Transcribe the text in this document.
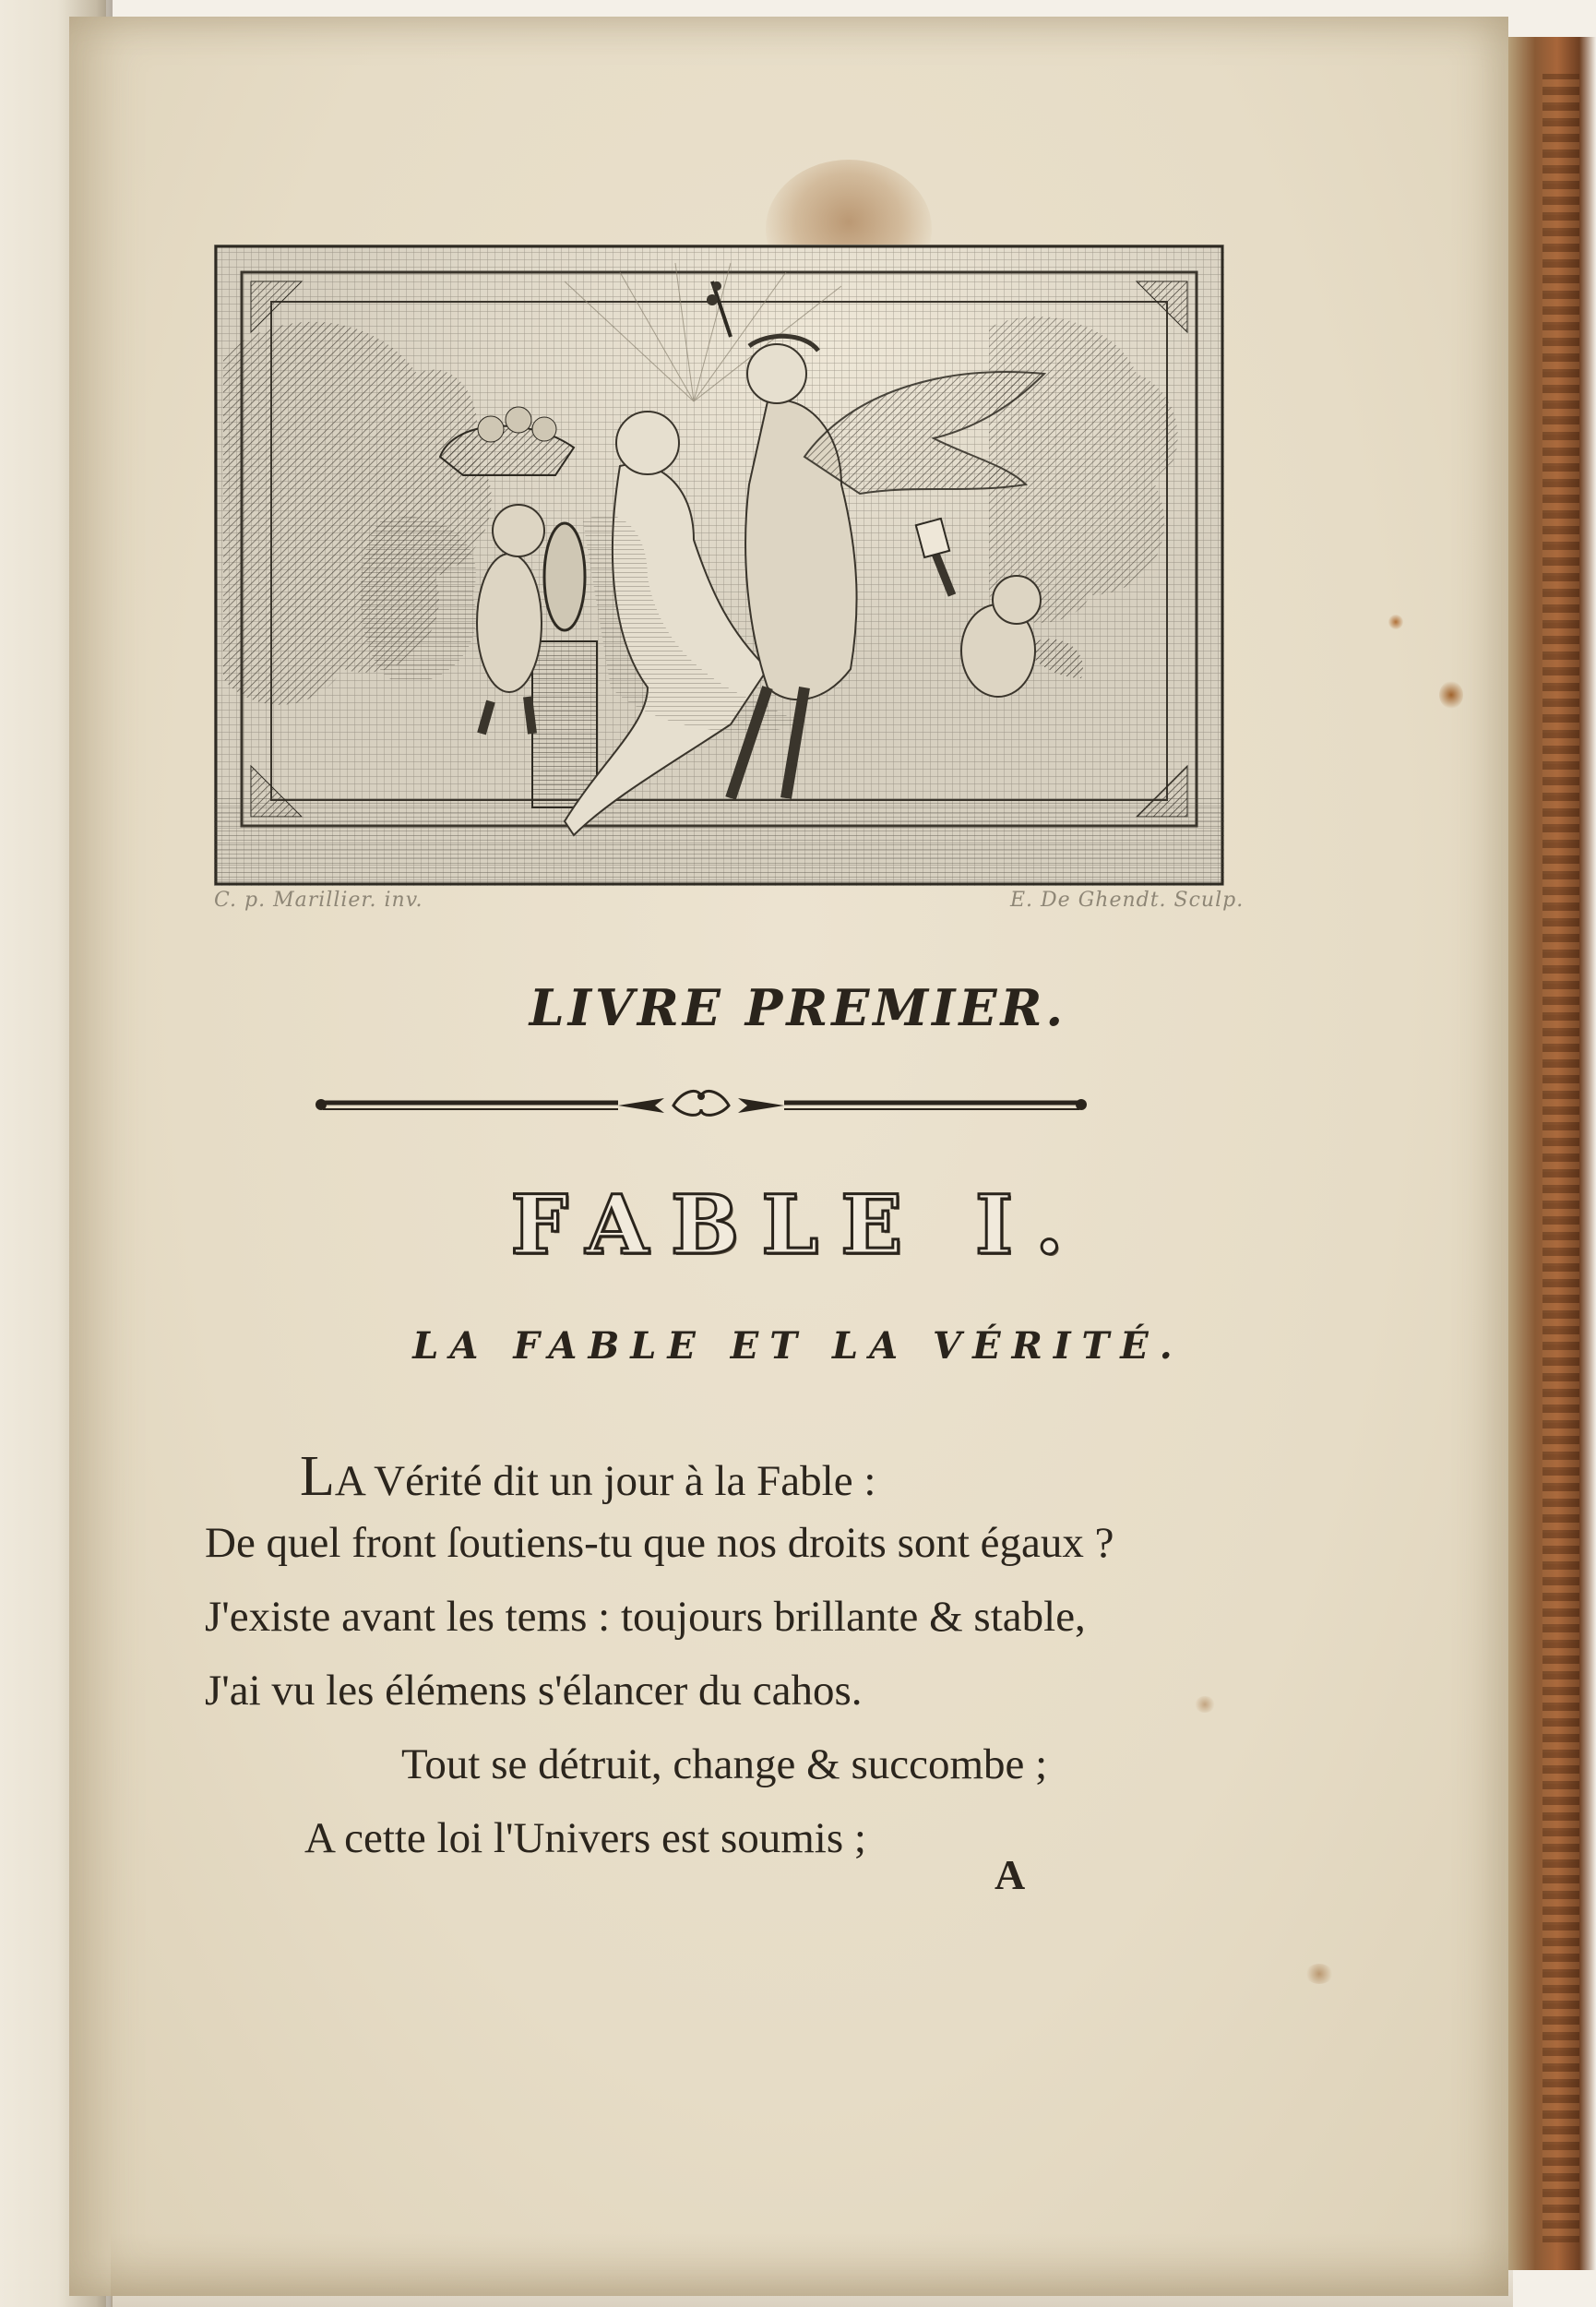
C. p. Marillier. inv.	E. De Ghendt. Sculp.
LIVRE PREMIER.
FABLE I.
LA FABLE ET LA VÉRITÉ.
LA Vérité dit un jour à la Fable :
De quel front ſoutiens-tu que nos droits sont égaux ?
J'existe avant les tems : toujours brillante & stable,
J'ai vu les élémens s'élancer du cahos.
Tout se détruit, change & succombe ;
A cette loi l'Univers est soumis ;
A
